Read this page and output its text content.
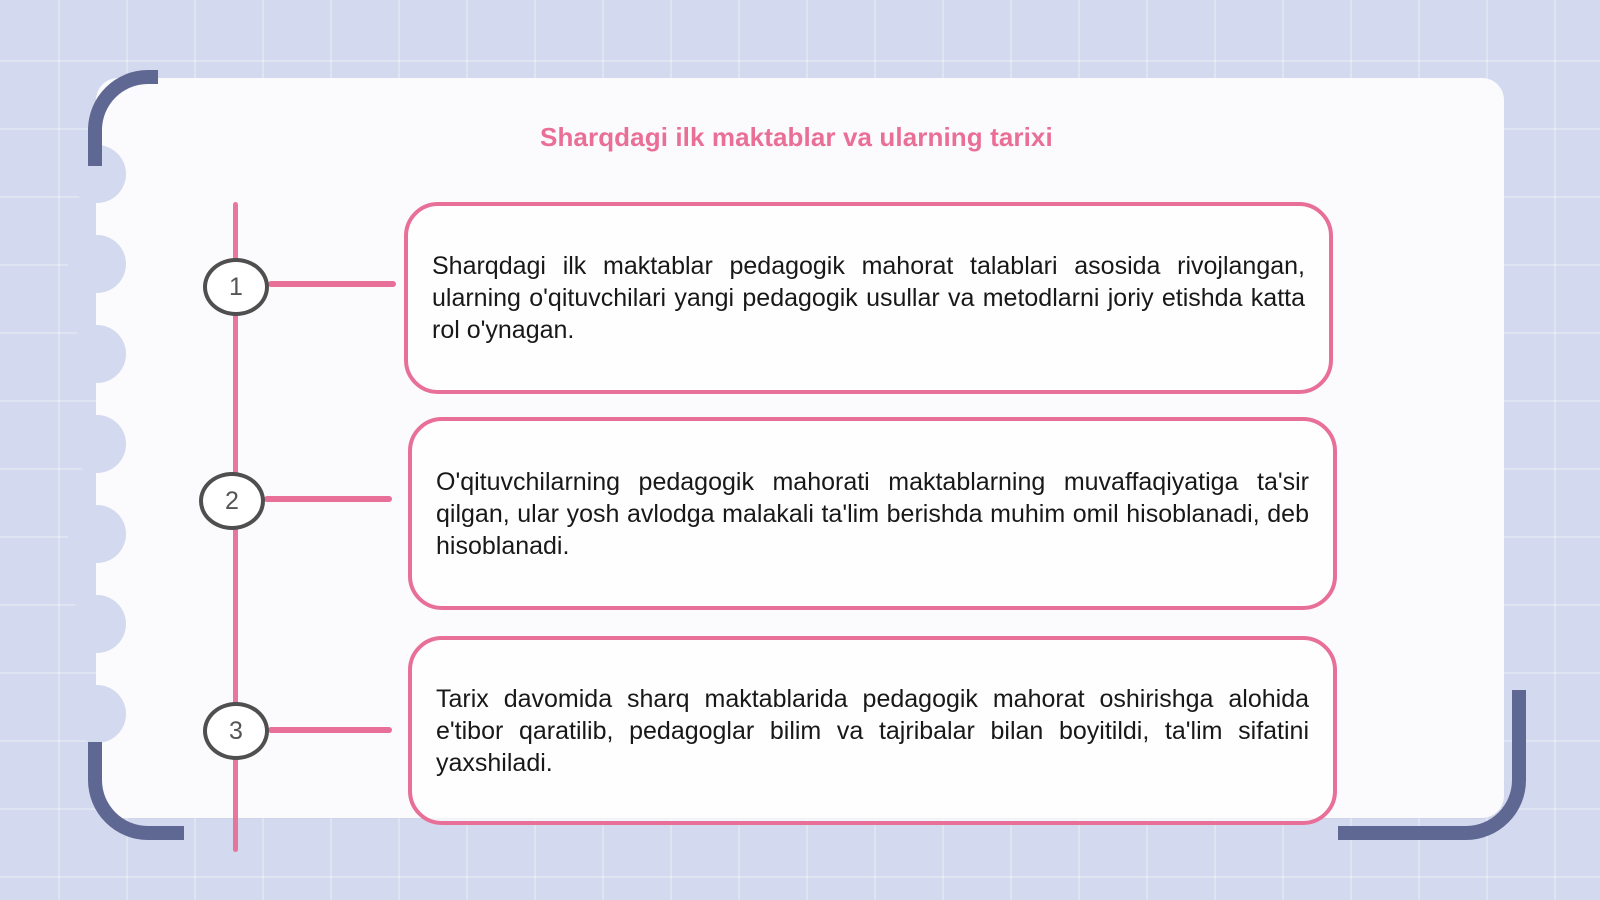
Sharqdagi ilk maktablar va ularning tarixi
1
2
3

Sharqdagi ilk maktablar pedagogik mahorat talablari asosida rivojlangan, ularning o'qituvchilari yangi pedagogik usullar va metodlarni joriy etishda katta rol o'ynagan.

O'qituvchilarning pedagogik mahorati maktablarning muvaffaqiyatiga ta'sir qilgan, ular yosh avlodga malakali ta'lim berishda muhim omil hisoblanadi, deb hisoblanadi.

Tarix davomida sharq maktablarida pedagogik mahorat oshirishga alohida e'tibor qaratilib, pedagoglar bilim va tajribalar bilan boyitildi, ta'lim sifatini yaxshiladi.
